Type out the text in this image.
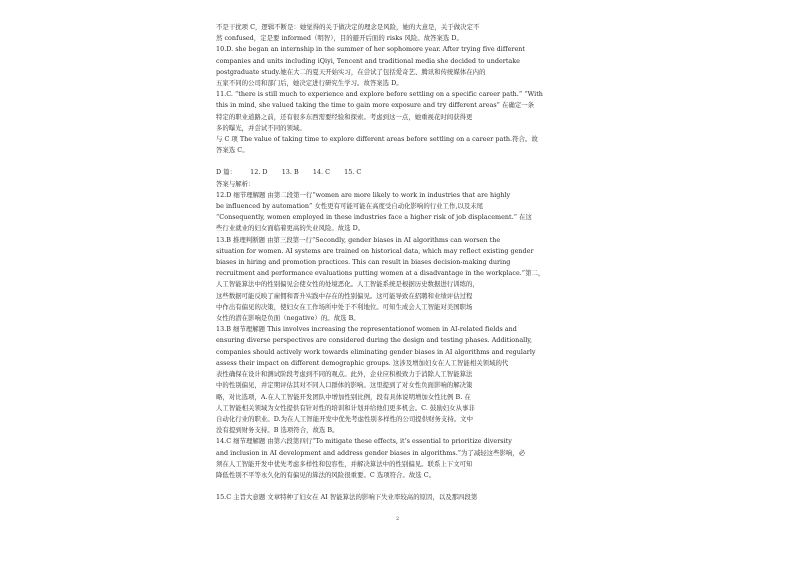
不是干扰项 C，逻辑不断是：她觉得的关于做决定的理念是风险，她的大意是，关于做决定不
然 confused，定是要 informed（明智），目的避开后面的 risks 风险。故答案选 D。
10.D. she began an internship in the summer of her sophomore year. After trying five different
companies and units including iQiyi, Tencent and traditional media she decided to undertake
postgraduate study.她在大二的夏天开始实习，在尝试了包括爱奇艺、腾讯和传统媒体在内的
五家不同的公司和部门后，她决定进行研究生学习。故答案选 D。
11.C. “there is still much to experience and explore before settling on a specific career path.” “With
this in mind, she valued taking the time to gain more exposure and try different areas” 在确定一条
特定的职业道路之前，还有很多东西需要经验和探索。考虑到这一点，她重视花时间获得更
多的曝光，并尝试不同的领域。
与 C 项 The value of taking time to explore different areas before settling on a career path.符合。故
答案选 C。
D 篇： 12. D 13. B 14. C 15. C
答案与解析：
12.D 细节理解题 由第二段第一行“women are more likely to work in industries that are highly
be influenced by automation” 女性更有可能可能在高度受自动化影响的行业工作,以及末尾
“Consequently, women employed in these industries face a higher risk of job displacement.” 在这
些行业就业的妇女面临着更高的失业风险。故选 D。
13.B 推理判断题 由第三段第一行“Secondly, gender biases in AI algorithms can worsen the
situation for women. AI systems are trained on historical data, which may reflect existing gender
biases in hiring and promotion practices. This can result in biases decision-making during
recruitment and performance evaluations putting women at a disadvantage in the workplace.”第二，
人工智能算法中的性别偏见会使女性的处境恶化。人工智能系统是根据历史数据进行训练的，
这些数据可能反映了雇佣和晋升实践中存在的性别偏见。这可能导致在招聘和业绩评估过程
中作出有偏见的决策，使妇女在工作场所中处于不利地位。可知生成会人工智能对美国职场
女性的潜在影响是负面（negative）的。故选 B。
13.B 细节理解题 This involves increasing the representationof women in AI-related fields and
ensuring diverse perspectives are considered during the design and testing phases. Additionally,
companies should actively work towards eliminating gender biases in AI algorithms and regularly
assess their impact on different demographic groups. 这涉及增加妇女在人工智能相关领域的代
表性确保在设计和测试阶段考虑到不同的观点。此外，企业应积极致力于消除人工智能算法
中的性别偏见，并定期评估其对不同人口群体的影响。这里提到了对女性负面影响的解决策
略，对比选项，A.在人工智能开发团队中增加性别比例，段有具体说明增加女性比例 B. 在
人工智能相关领域为女性提供有针对性的培训和计划并给他们更多机会。C. 鼓励妇女从事非
自动化行业的职业。D.为在人工智能开发中优先考虑性别多样性的公司提供财务支持。文中
没有提到财务支持。B 选项符合，故选 B。
14.C 细节理解题 由第六段第四行“To mitigate these effects, it’s essential to prioritize diversity
and inclusion in AI development and address gender biases in algorithms.”为了减轻这些影响，必
须在人工智能开发中优先考虑多样性和包容性，并解决算法中的性别偏见。联系上下文可知
降低性别不平等永久化的有偏见的算法的风险很重要。C 选项符合。故选 C。
15.C 主旨大意题 文章特种了妇女在 AI 智能算法的影响下失业率较高的原因，以及那四段第
2
